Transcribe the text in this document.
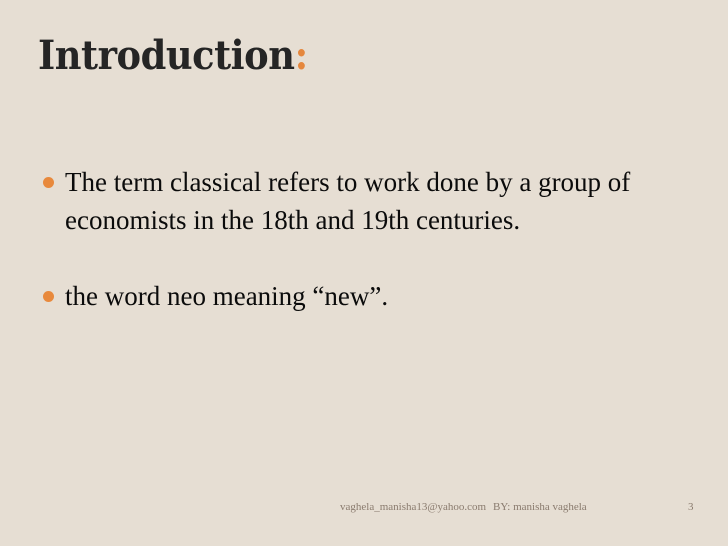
Introduction:
The term classical refers to work done by a group of economists in the 18th and 19th centuries.
the word neo meaning “new”.
vaghela_manisha13@yahoo.com BY: manisha vaghela	3
